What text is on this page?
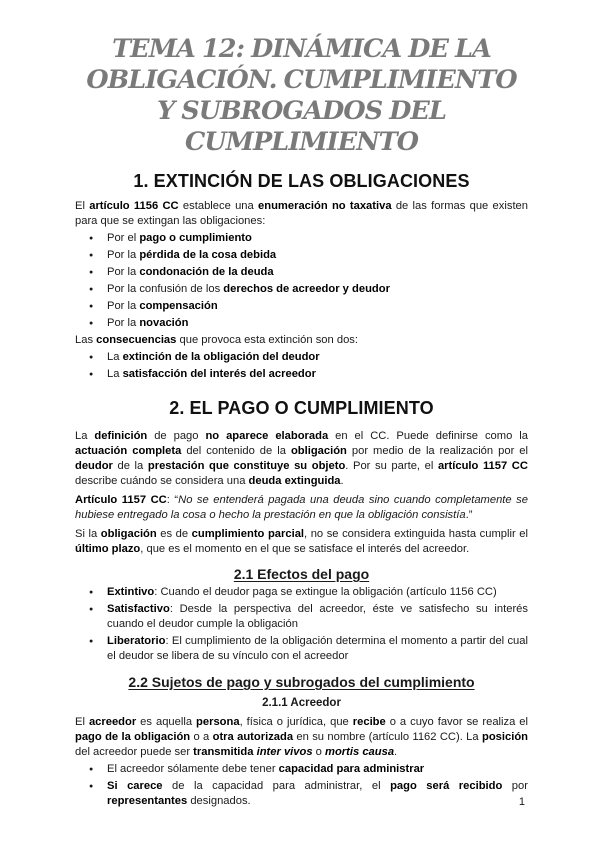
TEMA 12: DINÁMICA DE LA OBLIGACIÓN. CUMPLIMIENTO Y SUBROGADOS DEL CUMPLIMIENTO
1. EXTINCIÓN DE LAS OBLIGACIONES

El artículo 1156 CC establece una enumeración no taxativa de las formas que existen para que se extingan las obligaciones:

● Por el pago o cumplimiento
● Por la pérdida de la cosa debida
● Por la condonación de la deuda
● Por la confusión de los derechos de acreedor y deudor
● Por la compensación
● Por la novación

Las consecuencias que provoca esta extinción son dos:

● La extinción de la obligación del deudor
● La satisfacción del interés del acreedor
2. EL PAGO O CUMPLIMIENTO

La definición de pago no aparece elaborada en el CC. Puede definirse como la actuación completa del contenido de la obligación por medio de la realización por el deudor de la prestación que constituye su objeto. Por su parte, el artículo 1157 CC describe cuándo se considera una deuda extinguida.

Artículo 1157 CC: “No se entenderá pagada una deuda sino cuando completamente se hubiese entregado la cosa o hecho la prestación en que la obligación consistía.”

Si la obligación es de cumplimiento parcial, no se considera extinguida hasta cumplir el último plazo, que es el momento en el que se satisface el interés del acreedor.

2.1 Efectos del pago
● Extintivo: Cuando el deudor paga se extingue la obligación (artículo 1156 CC)
● Satisfactivo: Desde la perspectiva del acreedor, éste ve satisfecho su interés cuando el deudor cumple la obligación
● Liberatorio: El cumplimiento de la obligación determina el momento a partir del cual el deudor se libera de su vínculo con el acreedor
2.2 Sujetos de pago y subrogados del cumplimiento
2.1.1 Acreedor

El acreedor es aquella persona, física o jurídica, que recibe o a cuyo favor se realiza el pago de la obligación o a otra autorizada en su nombre (artículo 1162 CC). La posición del acreedor puede ser transmitida inter vivos o mortis causa.

● El acreedor sólamente debe tener capacidad para administrar
● Si carece de la capacidad para administrar, el pago será recibido por representantes designados.	1
